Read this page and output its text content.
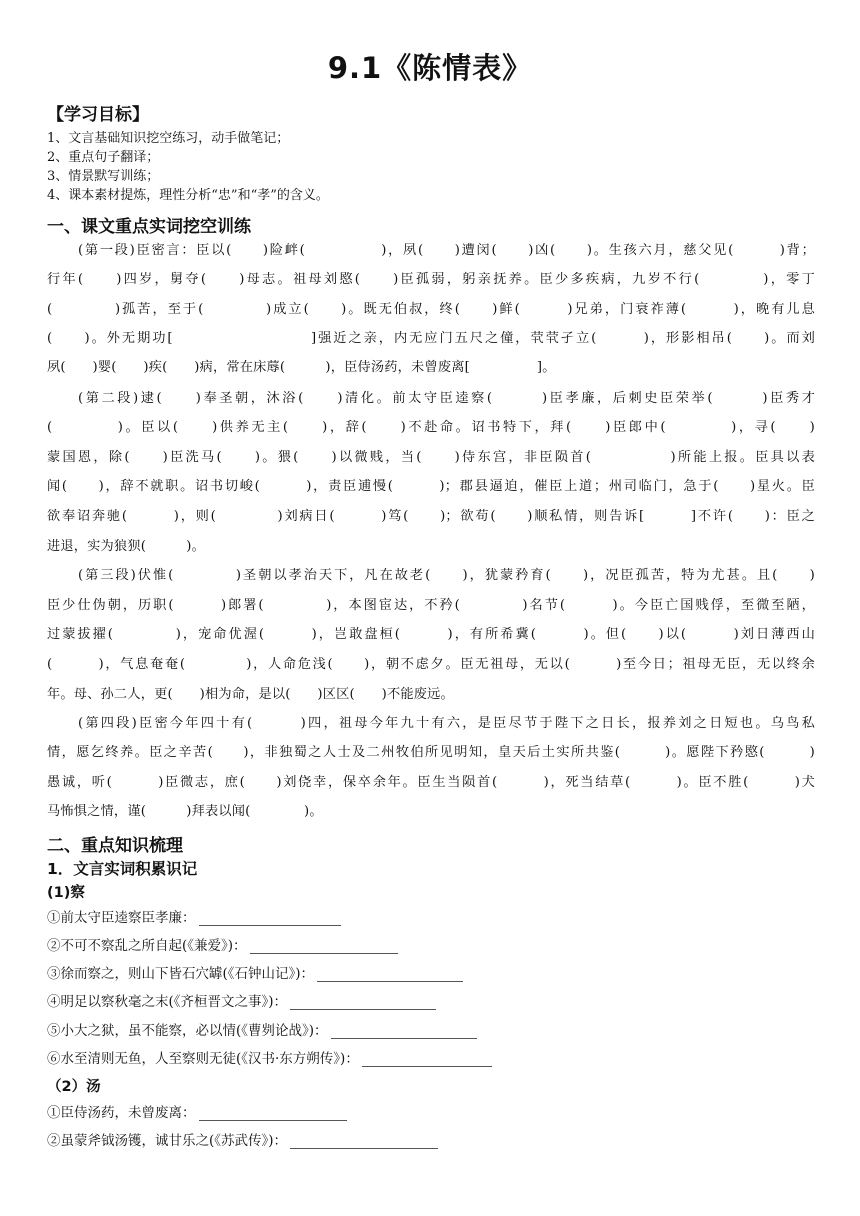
9.1《陈情表》
【学习目标】
1、文言基础知识挖空练习，动手做笔记；
2、重点句子翻译；
3、情景默写训练；
4、课本素材提炼，理性分析“忠”和“孝”的含义。
一、课文重点实词挖空训练
(第一段)臣密言：臣以(　　)险衅(　　　　　)，夙(　　)遭闵(　　)凶(　　)。生孩六月，慈父见(　　　)背；
行年(　　)四岁，舅夺(　　)母志。祖母刘愍(　　)臣孤弱，躬亲抚养。臣少多疾病，九岁不行(　　　　)，零丁
(　　　　)孤苦，至于(　　　　)成立(　　)。既无伯叔，终(　　)鲜(　　　)兄弟，门衰祚薄(　　　)，晚有儿息
(　　)。外无期功[　　　　　　　　　]强近之亲，内无应门五尺之僮，茕茕孑立(　　　)，形影相吊(　　)。而刘
夙(　　)婴(　　)疾(　　)病，常在床蓐(　　　)，臣侍汤药，未曾废离[　　　　　]。
(第二段)逮(　　)奉圣朝，沐浴(　　)清化。前太守臣逵察(　　　)臣孝廉，后刺史臣荣举(　　　)臣秀才
(　　　　)。臣以(　　)供养无主(　　)，辞(　　)不赴命。诏书特下，拜(　　)臣郎中(　　　　)，寻(　　)
蒙国恩，除(　　)臣洗马(　　)。猥(　　)以微贱，当(　　)侍东宫，非臣陨首(　　　　　)所能上报。臣具以表
闻(　　)，辞不就职。诏书切峻(　　　)，责臣逋慢(　　　)；郡县逼迫，催臣上道；州司临门，急于(　　)星火。臣
欲奉诏奔驰(　　　)，则(　　　　)刘病日(　　　)笃(　　)；欲苟(　　)顺私情，则告诉[　　　]不许(　　)：臣之
进退，实为狼狈(　　　)。
(第三段)伏惟(　　　　)圣朝以孝治天下，凡在故老(　　)，犹蒙矜育(　　)，况臣孤苦，特为尤甚。且(　　)
臣少仕伪朝，历职(　　　)郎署(　　　　)，本图宦达，不矜(　　　　)名节(　　　)。今臣亡国贱俘，至微至陋，
过蒙拔擢(　　　　)，宠命优渥(　　　)，岂敢盘桓(　　　)，有所希冀(　　　)。但(　　)以(　　　)刘日薄西山
(　　　)，气息奄奄(　　　　)，人命危浅(　　)，朝不虑夕。臣无祖母，无以(　　　)至今日；祖母无臣，无以终余
年。母、孙二人，更(　　)相为命，是以(　　)区区(　　)不能废远。
(第四段)臣密今年四十有(　　　)四，祖母今年九十有六，是臣尽节于陛下之日长，报养刘之日短也。乌鸟私
情，愿乞终养。臣之辛苦(　　)，非独蜀之人士及二州牧伯所见明知，皇天后土实所共鉴(　　　)。愿陛下矜愍(　　　)
愚诚，听(　　　)臣微志，庶(　　)刘侥幸，保卒余年。臣生当陨首(　　　)，死当结草(　　　)。臣不胜(　　　)犬
马怖惧之情，谨(　　　)拜表以闻(　　　　)。
二、重点知识梳理
1．文言实词积累识记
(1)察
①前太守臣逵察臣孝廉：
②不可不察乱之所自起(《兼爱》)：
③徐而察之，则山下皆石穴罅(《石钟山记》)：
④明足以察秋毫之末(《齐桓晋文之事》)：
⑤小大之狱，虽不能察，必以情(《曹刿论战》)：
⑥水至清则无鱼，人至察则无徒(《汉书·东方朔传》)：
（2）汤
①臣侍汤药，未曾废离：
②虽蒙斧钺汤镬，诚甘乐之(《苏武传》)：
